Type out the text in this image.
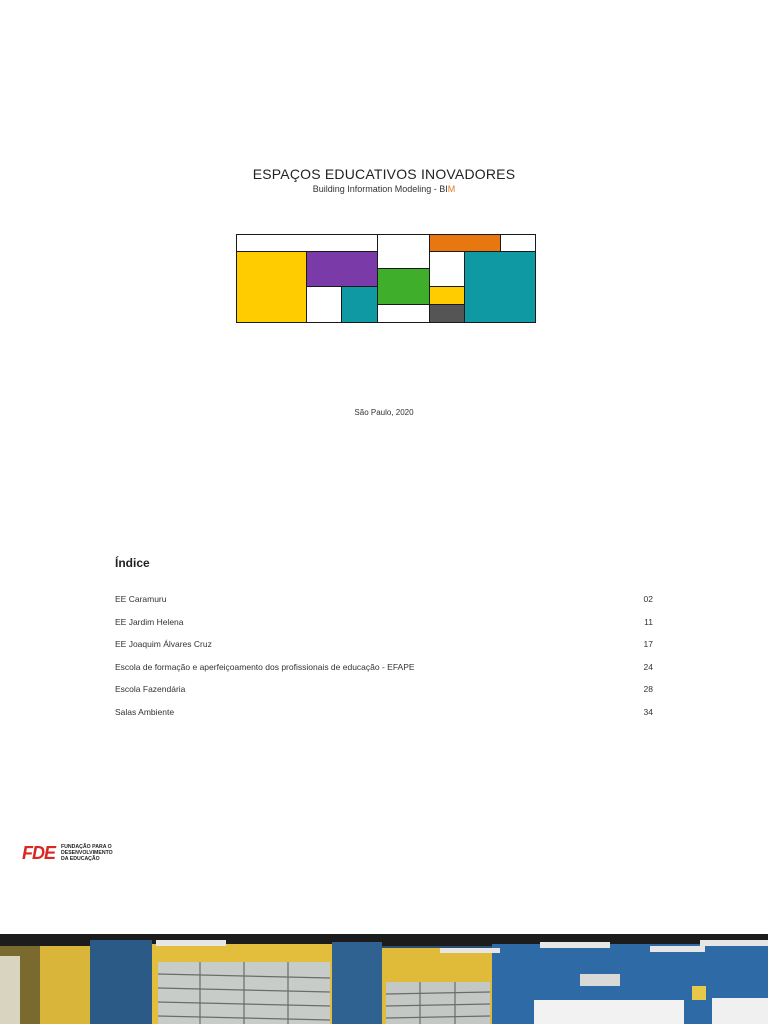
ESPAÇOS EDUCATIVOS INOVADORES
Building Information Modeling - BIM
São Paulo, 2020
Índice
EE Caramuru	02
EE Jardim Helena	11
EE Joaquim Álvares Cruz	17
Escola de formação e aperfeiçoamento dos profissionais de educação - EFAPE	24
Escola Fazendária	28
Salas Ambiente	34
FDE	FUNDAÇÃO PARA O
DESENVOLVIMENTO
DA EDUCAÇÃO
